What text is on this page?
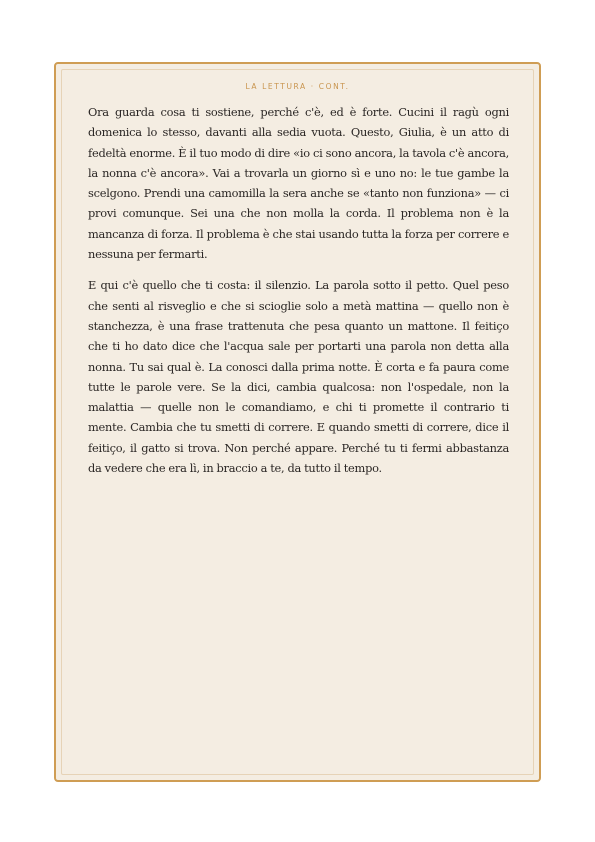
LA LETTURA · CONT.

Ora guarda cosa ti sostiene, perché c'è, ed è forte. Cucini il ragù ogni domenica lo stesso, davanti alla sedia vuota. Questo, Giulia, è un atto di fedeltà enorme. È il tuo modo di dire «io ci sono ancora, la tavola c'è ancora, la nonna c'è ancora». Vai a trovarla un giorno sì e uno no: le tue gambe la scelgono. Prendi una camomilla la sera anche se «tanto non funziona» — ci provi comunque. Sei una che non molla la corda. Il problema non è la mancanza di forza. Il problema è che stai usando tutta la forza per correre e nessuna per fermarti.

E qui c'è quello che ti costa: il silenzio. La parola sotto il petto. Quel peso che senti al risveglio e che si scioglie solo a metà mattina — quello non è stanchezza, è una frase trattenuta che pesa quanto un mattone. Il feitiço che ti ho dato dice che l'acqua sale per portarti una parola non detta alla nonna. Tu sai qual è. La conosci dalla prima notte. È corta e fa paura come tutte le parole vere. Se la dici, cambia qualcosa: non l'ospedale, non la malattia — quelle non le comandiamo, e chi ti promette il contrario ti mente. Cambia che tu smetti di correre. E quando smetti di correre, dice il feitiço, il gatto si trova. Non perché appare. Perché tu ti fermi abbastanza da vedere che era lì, in braccio a te, da tutto il tempo.
